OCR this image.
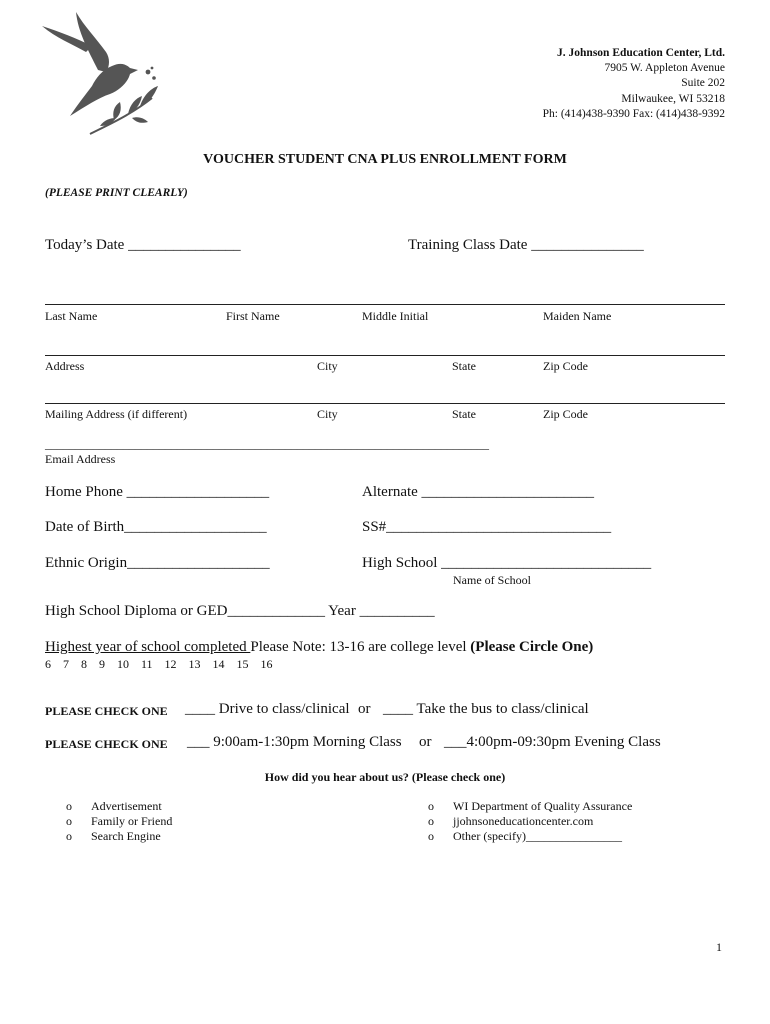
J. Johnson Education Center, Ltd.
7905 W. Appleton Avenue
Suite 202
Milwaukee, WI 53218
Ph: (414)438-9390 Fax: (414)438-9392
VOUCHER STUDENT CNA PLUS ENROLLMENT FORM
(PLEASE PRINT CLEARLY)
Today’s Date _______________	Training Class Date _______________
Last Name	First Name	Middle Initial	Maiden Name
Address	City	State	Zip Code
Mailing Address (if different)	City	State	Zip Code
__________________________________________________________________________
Email Address
Home Phone ___________________	Alternate _______________________
Date of Birth___________________	SS#______________________________
Ethnic Origin___________________	High School ____________________________
Name of School
High School Diploma or GED_____________ Year __________
Highest year of school completed Please Note: 13-16 are college level (Please Circle One)
6    7    8    9    10    11    12    13    14    15    16
PLEASE CHECK ONE ____ Drive to class/clinical or ____ Take the bus to class/clinical
PLEASE CHECK ONE ___ 9:00am-1:30pm Morning Class or ___4:00pm-09:30pm Evening Class
How did you hear about us? (Please check one)
o Advertisement
o Family or Friend
o Search Engine
o WI Department of Quality Assurance
o jjohnsoneducationcenter.com
o Other (specify)________________
1
